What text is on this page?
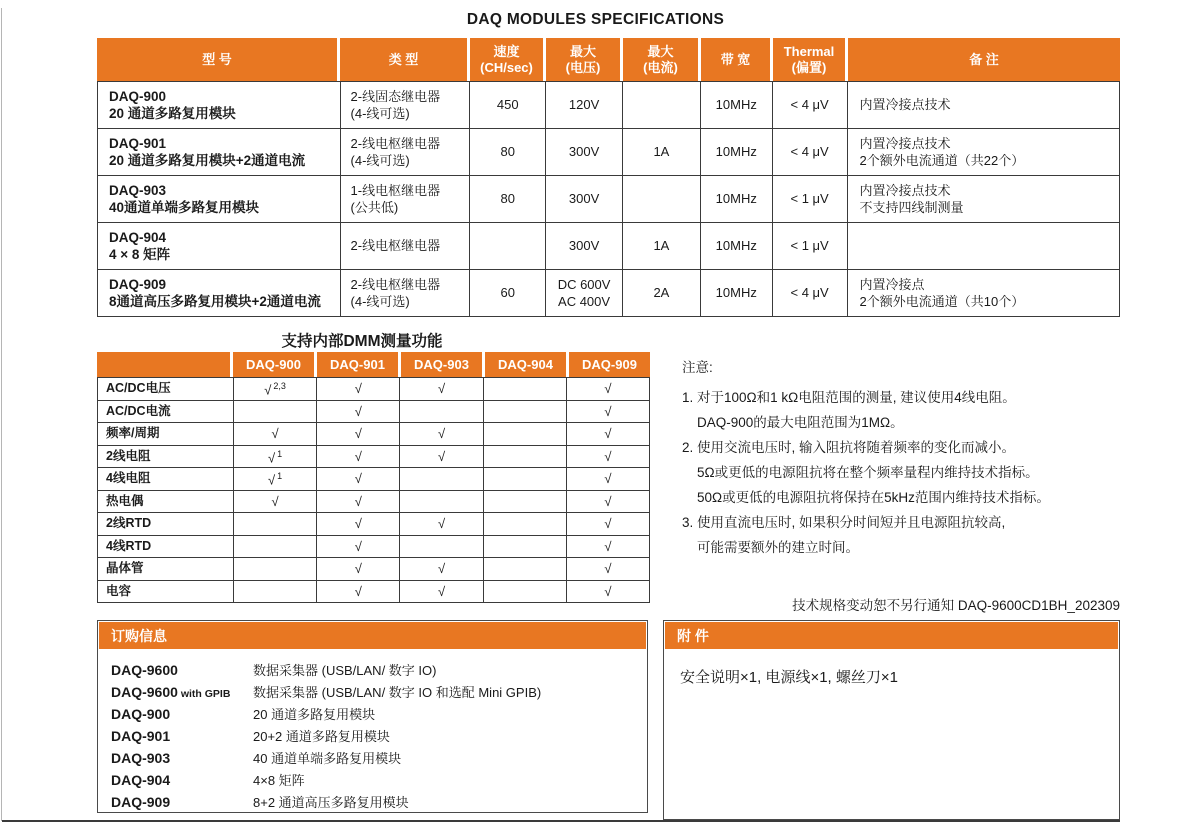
DAQ MODULES SPECIFICATIONS
型 号	类 型
速度
(CH/sec)
最大
(电压)
最大
(电流)
带 宽
Thermal
(偏置)
备 注
DAQ-900
20 通道多路复用模块
2-线固态继电器
(4-线可选)
450	120V	10MHz	< 4 μV 内置冷接点技术
DAQ-901
20 通道多路复用模块+2通道电流
2-线电枢继电器
(4-线可选)
80	300V	1A	10MHz	< 4 μV
内置冷接点技术
2个额外电流通道（共22个）
DAQ-903
40通道单端多路复用模块
1-线电枢继电器
(公共低)
80	300V	10MHz	< 1 μV
内置冷接点技术
不支持四线制测量
DAQ-904
4 × 8 矩阵
2-线电枢继电器	300V	1A	10MHz	< 1 μV
DAQ-909
8通道高压多路复用模块+2通道电流
2-线电枢继电器
(4-线可选)
60
DC 600V
AC 400V
2A	10MHz	< 4 μV
内置冷接点
2个额外电流通道（共10个）
支持内部DMM测量功能
DAQ-900 DAQ-901 DAQ-903 DAQ-904 DAQ-909
AC/DC电压	√ $^{2,3}$	√	√	√
AC/DC电流	√	√
频率/周期	√	√	√	√
2线电阻	√ $^1$	√	√	√
4线电阻	√ $^1$	√	√
热电偶	√	√	√
2线RTD	√	√	√
4线RTD	√	√
晶体管	√	√	√
电容	√	√	√
注意:
1. 对于100Ω和1 kΩ电阻范围的测量, 建议使用4线电阻。
DAQ-900的最大电阻范围为1MΩ。
2. 使用交流电压时, 输入阻抗将随着频率的变化而减小。
5Ω或更低的电源阻抗将在整个频率量程内维持技术指标。
50Ω或更低的电源阻抗将保持在5kHz范围内维持技术指标。
3. 使用直流电压时, 如果积分时间短并且电源阻抗较高,
可能需要额外的建立时间。
技术规格变动恕不另行通知 DAQ-9600CD1BH_202309
订购信息
DAQ-9600	数据采集器 (USB/LAN/ 数字 IO)
DAQ-9600 with GPIB	数据采集器 (USB/LAN/ 数字 IO 和选配 Mini GPIB)
DAQ-900	20 通道多路复用模块
DAQ-901	20+2 通道多路复用模块
DAQ-903	40 通道单端多路复用模块
DAQ-904	4×8 矩阵
DAQ-909	8+2 通道高压多路复用模块
附 件
安全说明×1, 电源线×1, 螺丝刀×1
